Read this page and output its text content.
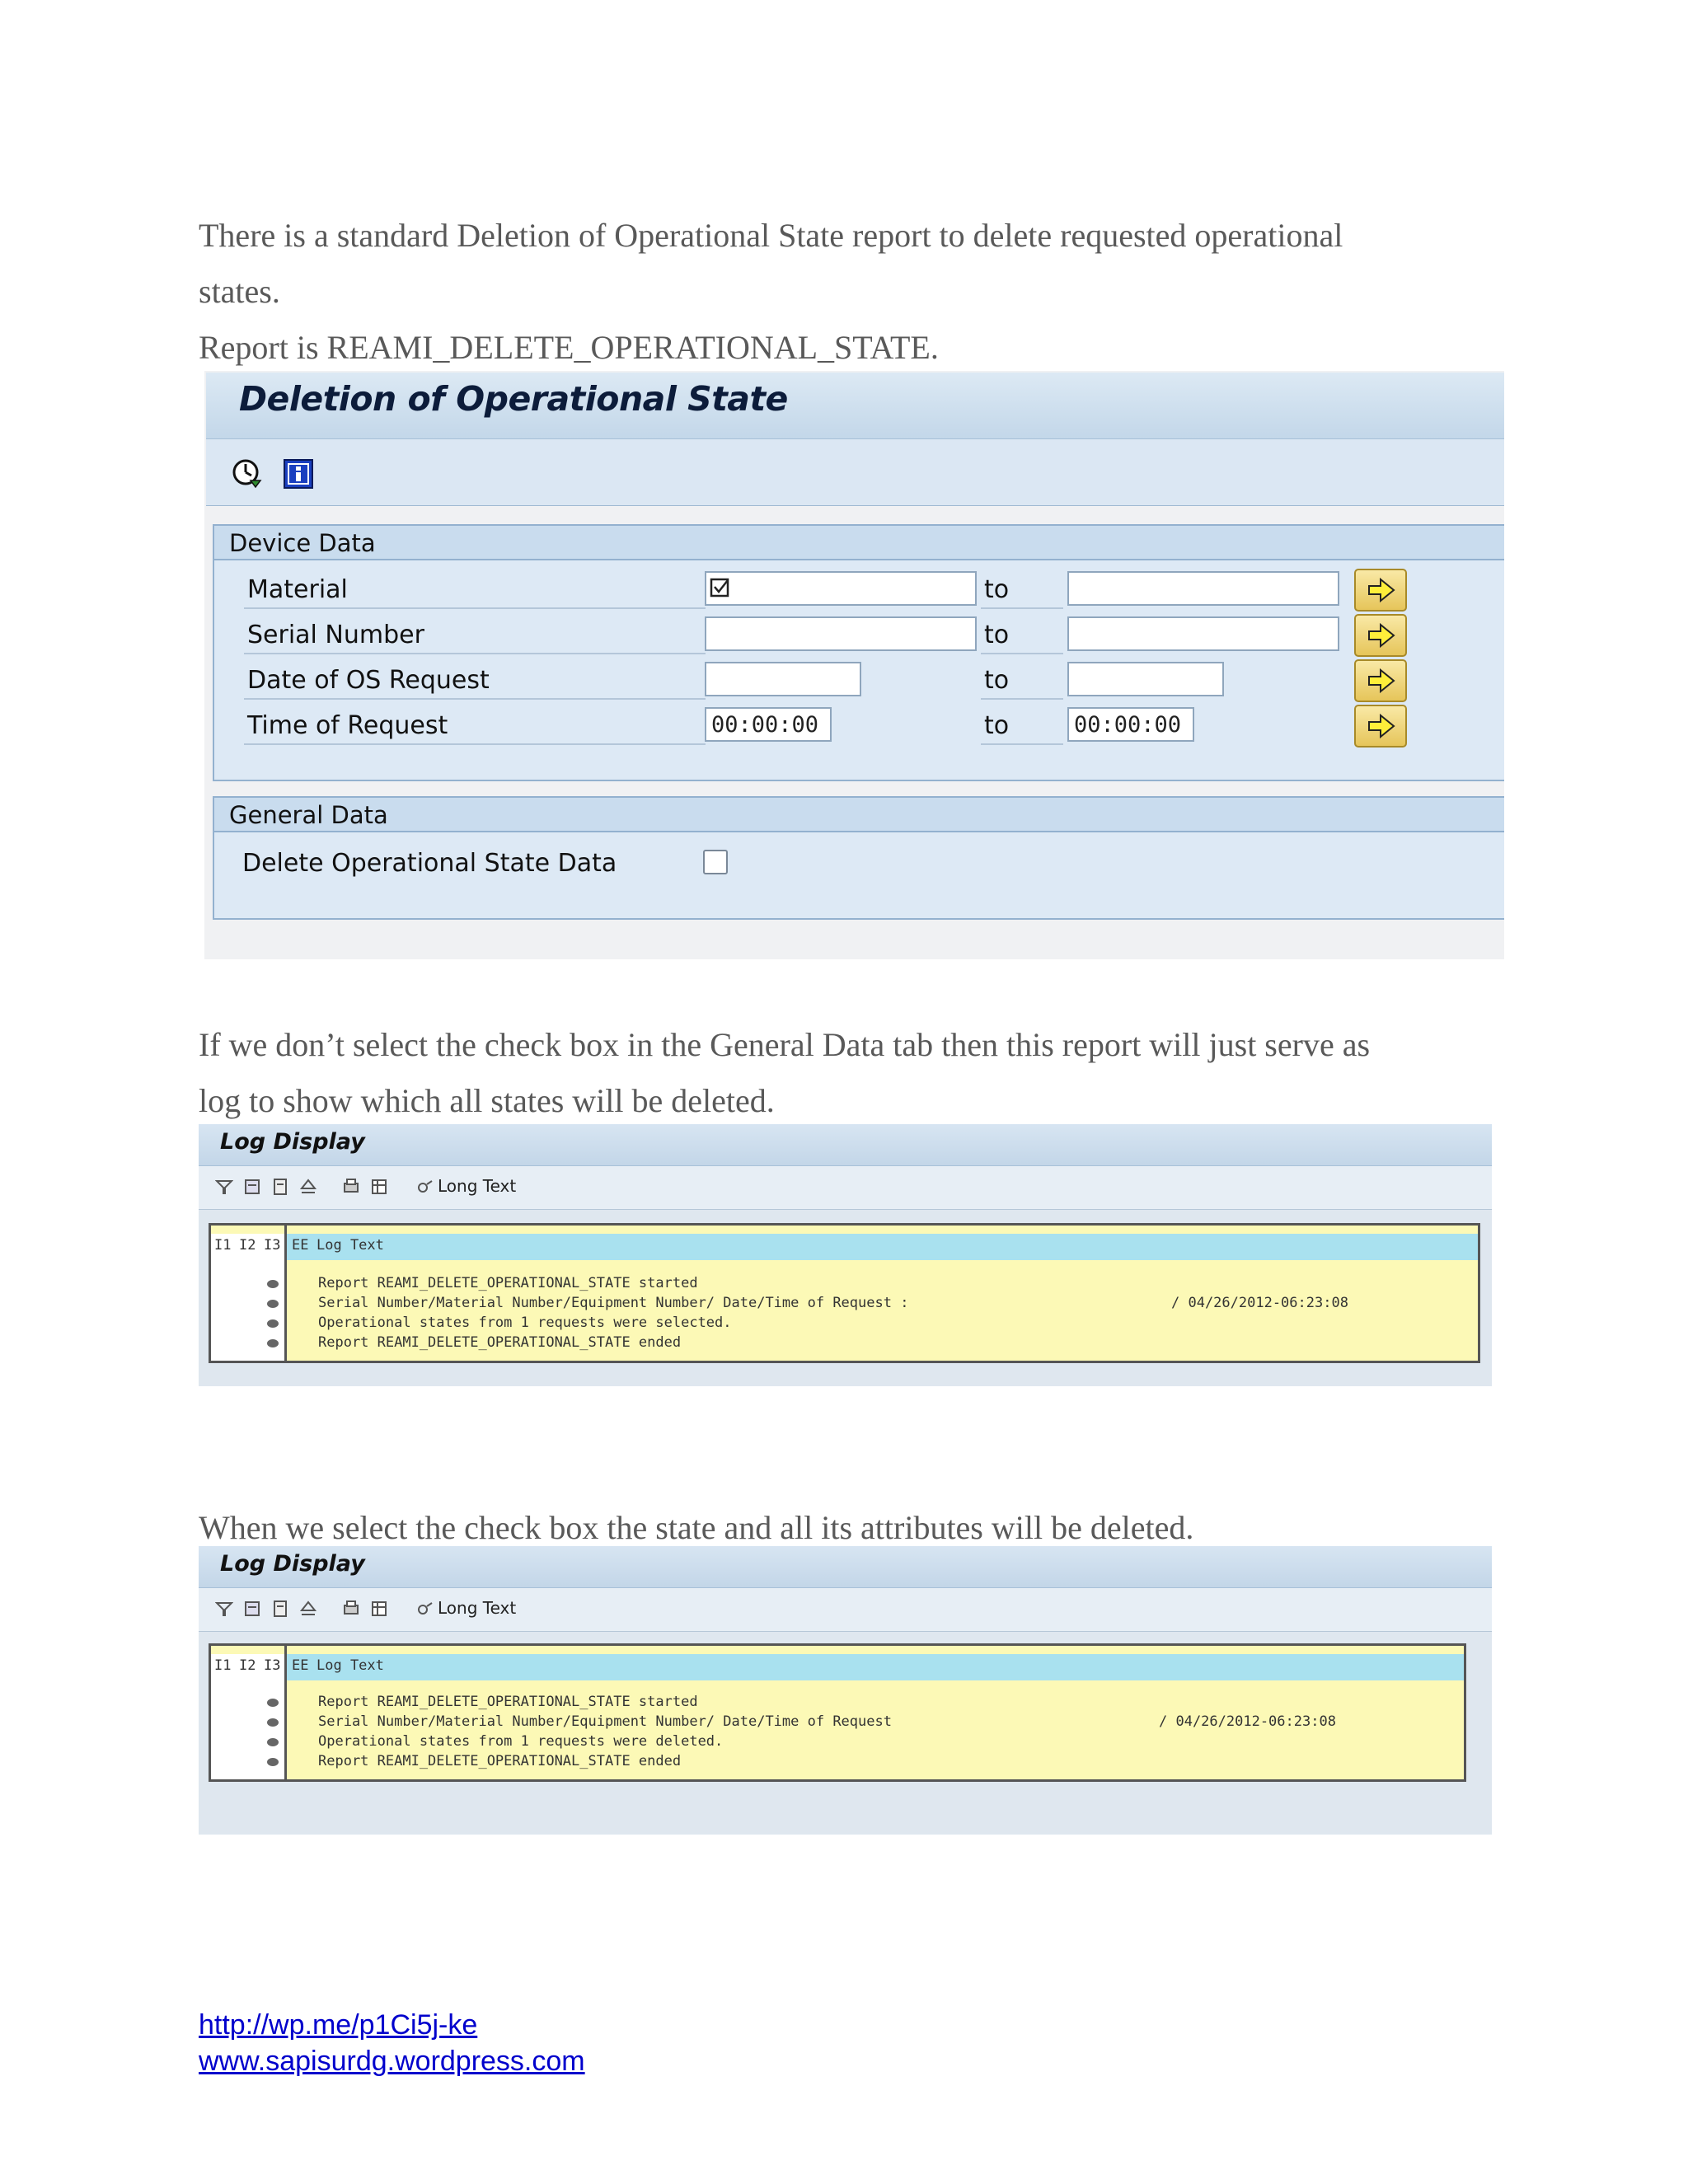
There is a standard Deletion of Operational State report to delete requested operational

states.

Report is REAMI_DELETE_OPERATIONAL_STATE.

Deletion of Operational State
Device Data
Material	to
Serial Number	to
Date of OS Request	to
Time of Request	00:00:00	to	00:00:00
General Data
Delete Operational State Data

If we don’t select the check box in the General Data tab then this report will just serve as

log to show which all states will be deleted.

Log Display
Long Text
I1 I2 I3 EE Log Text
Report REAMI_DELETE_OPERATIONAL_STATE started
Serial Number/Material Number/Equipment Number/ Date/Time of Request :	/ 04/26/2012-06:23:08
Operational states from 1 requests were selected.
Report REAMI_DELETE_OPERATIONAL_STATE ended

When we select the check box the state and all its attributes will be deleted.

Log Display
Long Text
I1 I2 I3 EE Log Text
Report REAMI_DELETE_OPERATIONAL_STATE started
Serial Number/Material Number/Equipment Number/ Date/Time of Request	/ 04/26/2012-06:23:08
Operational states from 1 requests were deleted.
Report REAMI_DELETE_OPERATIONAL_STATE ended
http://wp.me/p1Ci5j-ke
www.sapisurdg.wordpress.com
